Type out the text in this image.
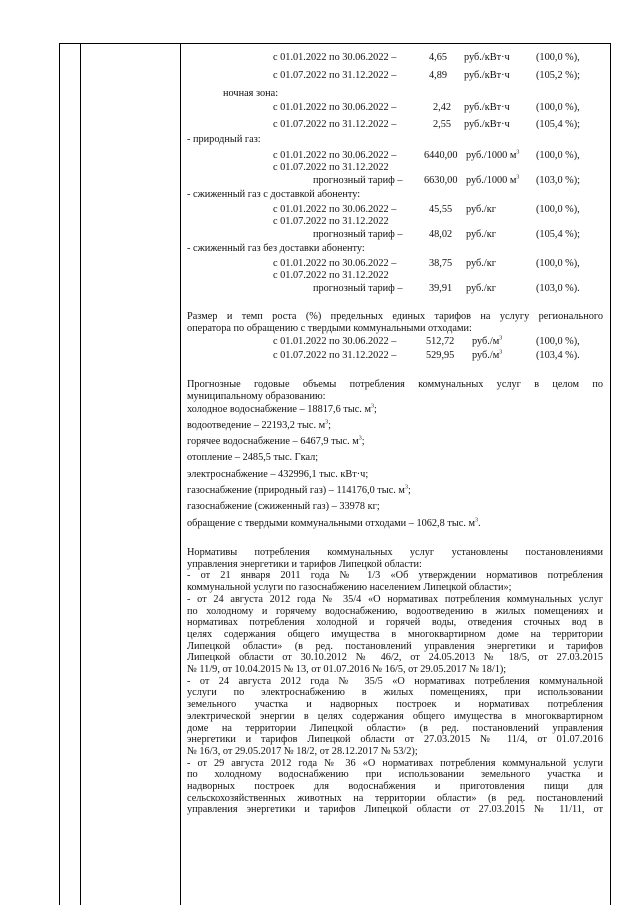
с 01.01.2022 по 30.06.2022 –	4,65 руб./кВт·ч	(100,0 %),
с 01.07.2022 по 31.12.2022 –	4,89 руб./кВт·ч	(105,2 %);
ночная зона:
с 01.01.2022 по 30.06.2022 –	2,42 руб./кВт·ч	(100,0 %),
с 01.07.2022 по 31.12.2022 –	2,55 руб./кВт·ч	(105,4 %);
- природный газ:
с 01.01.2022 по 30.06.2022 –	6440,00 руб./1000 $м^3$ (100,0 %),
с 01.07.2022 по 31.12.2022
прогнозный тариф – 6630,00 руб./1000 $м^3$ (103,0 %);
- сжиженный газ с доставкой абоненту:
с 01.01.2022 по 30.06.2022 –	45,55 руб./кг	(100,0 %),
с 01.07.2022 по 31.12.2022
прогнозный тариф –	48,02 руб./кг	(105,4 %);
- сжиженный газ без доставки абоненту:
с 01.01.2022 по 30.06.2022 –	38,75 руб./кг	(100,0 %),
с 01.07.2022 по 31.12.2022
прогнозный тариф –	39,91 руб./кг	(103,0 %).
Размер и темп роста (%) предельных единых тарифов на услугу регионального
оператора по обращению с твердыми коммунальными отходами:
с 01.01.2022 по 30.06.2022 –	512,72 $руб./м^3$	(100,0 %),
с 01.07.2022 по 31.12.2022 –	529,95 $руб./м^3$	(103,4 %).
Прогнозные годовые объемы потребления коммунальных услуг в целом по
муниципальному образованию:
холодное водоснабжение – 18817,6 тыс. $м^3$;
водоотведение – 22193,2 тыс. $м^3$;
горячее водоснабжение – 6467,9 тыс. $м^3$;
отопление – 2485,5 тыс. Гкал;
электроснабжение – 432996,1 тыс. кВт·ч;
газоснабжение (природный газ) – 114176,0 тыс. $м^3$;
газоснабжение (сжиженный газ) – 33978 кг;
обращение с твердыми коммунальными отходами – 1062,8 тыс. $м^3$.
Нормативы потребления коммунальных услуг установлены постановлениями
управления энергетики и тарифов Липецкой области:
- от 21 января 2011 года № 1/3 «Об утверждении нормативов потребления
коммунальной услуги по газоснабжению населением Липецкой области»;
- от 24 августа 2012 года № 35/4 «О нормативах потребления коммунальных услуг
по холодному и горячему водоснабжению, водоотведению в жилых помещениях и
нормативах потребления холодной и горячей воды, отведения сточных вод в
целях содержания общего имущества в многоквартирном доме на территории
Липецкой области» (в ред. постановлений управления энергетики и тарифов
Липецкой области от 30.10.2012 № 46/2, от 24.05.2013 № 18/5, от 27.03.2015
№ 11/9, от 10.04.2015 № 13, от 01.07.2016 № 16/5, от 29.05.2017 № 18/1);
- от 24 августа 2012 года № 35/5 «О нормативах потребления коммунальной
услуги по электроснабжению в жилых помещениях, при использовании
земельного участка и надворных построек и нормативах потребления
электрической энергии в целях содержания общего имущества в многоквартирном
доме на территории Липецкой области» (в ред. постановлений управления
энергетики и тарифов Липецкой области от 27.03.2015 № 11/4, от 01.07.2016
№ 16/3, от 29.05.2017 № 18/2, от 28.12.2017 № 53/2);
- от 29 августа 2012 года № 36 «О нормативах потребления коммунальной услуги
по холодному водоснабжению при использовании земельного участка и
надворных построек для водоснабжения и приготовления пищи для
сельскохозяйственных животных на территории области» (в ред. постановлений
управления энергетики и тарифов Липецкой области от 27.03.2015 № 11/11, от
